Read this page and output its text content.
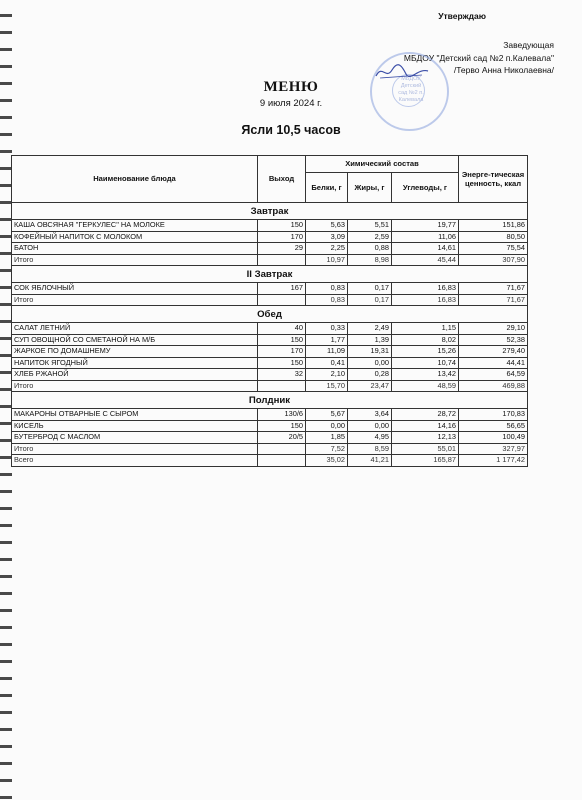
Утверждаю
Заведующая
МБДОУ "Детский сад №2 п.Калевала"
/Терво Анна Николаевна/
МБДОУ Детский сад №2 п. Калевала
МЕНЮ
9 июля 2024 г.
Ясли 10,5 часов
Наименование блюда	Выход	Химический состав			Энерге-тическая ценность, ккал
		Белки, г	Жиры, г	Углеводы, г	
Завтрак					
КАША ОВСЯНАЯ "ГЕРКУЛЕС" НА МОЛОКЕ	150	5,63	5,51	19,77	151,86
КОФЕЙНЫЙ НАПИТОК С МОЛОКОМ	170	3,09	2,59	11,06	80,50
БАТОН	29	2,25	0,88	14,61	75,54
Итого		10,97	8,98	45,44	307,90
II Завтрак					
СОК ЯБЛОЧНЫЙ	167	0,83	0,17	16,83	71,67
Итого		0,83	0,17	16,83	71,67
Обед					
САЛАТ ЛЕТНИЙ	40	0,33	2,49	1,15	29,10
СУП ОВОЩНОЙ СО СМЕТАНОЙ НА М/Б	150	1,77	1,39	8,02	52,38
ЖАРКОЕ ПО ДОМАШНЕМУ	170	11,09	19,31	15,26	279,40
НАПИТОК ЯГОДНЫЙ	150	0,41	0,00	10,74	44,41
ХЛЕБ РЖАНОЙ	32	2,10	0,28	13,42	64,59
Итого		15,70	23,47	48,59	469,88
Полдник					
МАКАРОНЫ ОТВАРНЫЕ С СЫРОМ	130/6	5,67	3,64	28,72	170,83
КИСЕЛЬ	150	0,00	0,00	14,16	56,65
БУТЕРБРОД С МАСЛОМ	20/5	1,85	4,95	12,13	100,49
Итого		7,52	8,59	55,01	327,97
Всего		35,02	41,21	165,87	1 177,42
